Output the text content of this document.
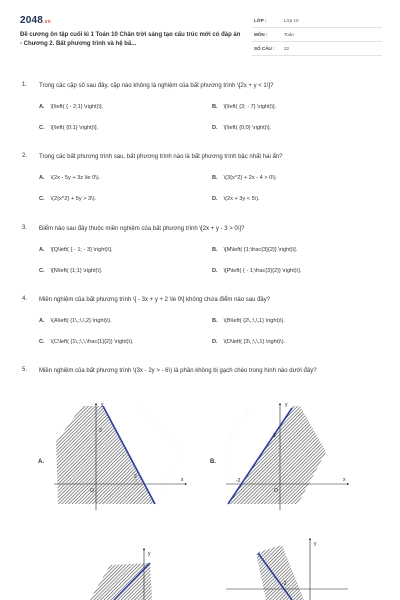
2048.vn
Đề cương ôn tập cuối kì 1 Toán 10 Chân trời sáng tạo cấu trúc mới có đáp án - Chương 2. Bất phương trình và hệ bấ...
LỚP :	Lớp 10
MÔN :	Toán
SỐ CÂU : 22
1. Trong các cặp số sau đây, cặp nào không là nghiệm của bất phương trình \[2x + y < 1\]?
A. \[\left( { - 2;1} \right)\].	B. \[\left( {3; - 7} \right)\].
C. \[\left( {0;1} \right)\].	D. \[\left( {0;0} \right)\].
2. Trong các bất phương trình sau, bất phương trình nào là bất phương trình bậc nhất hai ẩn?
A. \(2x - 5y + 3z \le 0\).	B. \(3{x^2} + 2x - 4 > 0\).
C. \(2{x^2} + 5y > 3\).	D. \(2x + 3y < 5\).
3. Điểm nào sau đây thuộc miền nghiệm của bất phương trình \[2x + y - 3 > 0\]?
A. \[Q\left( { - 1; - 3} \right)\].	B. \[M\left( {1;\frac{3}{2}} \right)\].
C. \[N\left( {1;1} \right)\].	D. \[P\left( { - 1;\frac{3}{2}} \right)\].
4. Miền nghiệm của bất phương trình \[ - 3x + y + 2 \le 0\] không chứa điểm nào sau đây?
A. \(A\left( {1\,;\,\,2} \right)\).	B. \(B\left( {2\,;\,\,1} \right)\).
C. \(C\left( {1\,;\,\,\frac{1}{2}} \right)\).	D. \(D\left( {3\,;\,\,1} \right)\).
5. Miền nghiệm của bất phương trình \(3x - 2y > - 6\) là phần không bị gạch chéo trong hình nào dưới đây?
A.
y
x
O
3
2
B.
y
x
O
3
-2
y
y
-2
